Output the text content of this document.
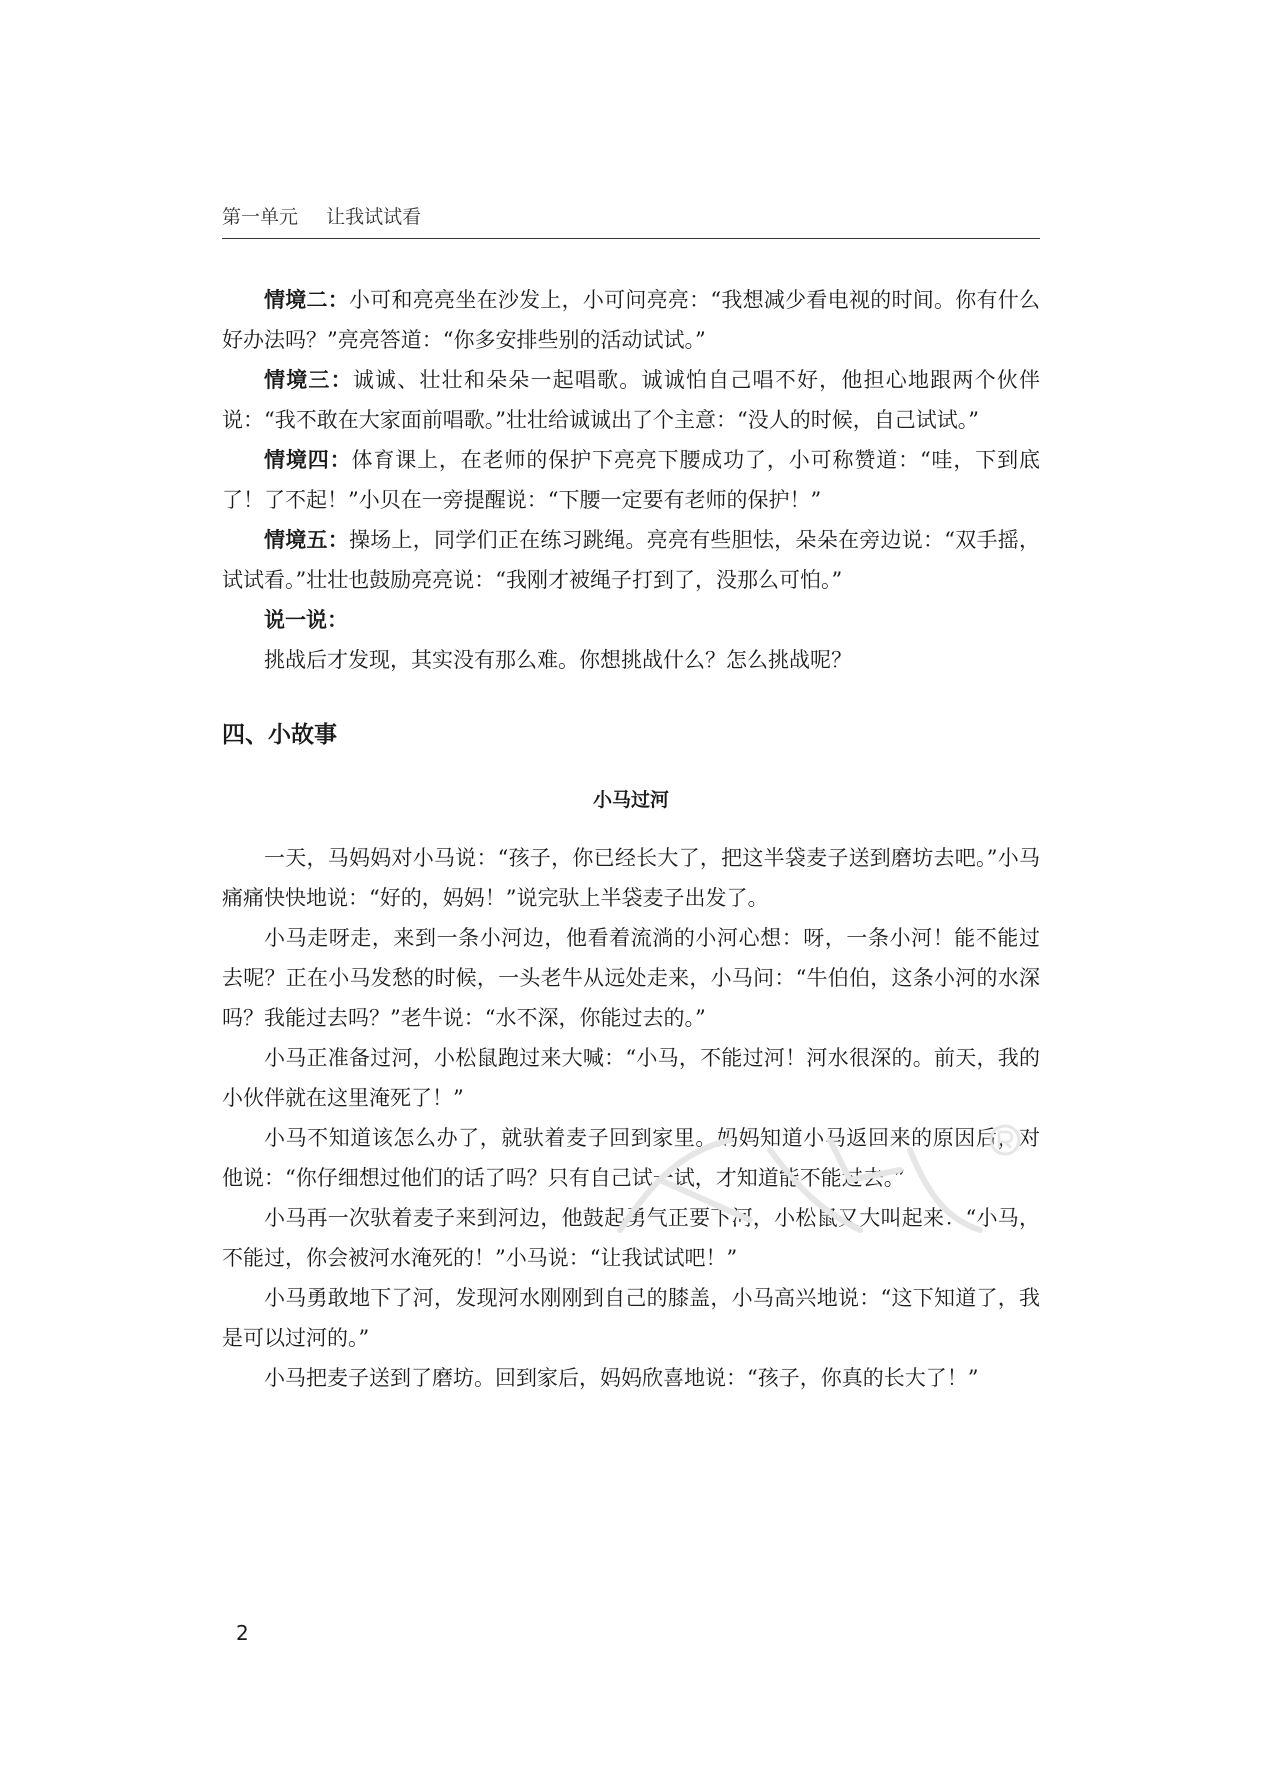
第一单元 让我试试看

情境二：小可和亮亮坐在沙发上，小可问亮亮：“我想减少看电视的时间。你有什么好办法吗？”亮亮答道：“你多安排些别的活动试试。”

情境三：诚诚、壮壮和朵朵一起唱歌。诚诚怕自己唱不好，他担心地跟两个伙伴说：“我不敢在大家面前唱歌。”壮壮给诚诚出了个主意：“没人的时候，自己试试。”

情境四：体育课上，在老师的保护下亮亮下腰成功了，小可称赞道：“哇，下到底了！了不起！”小贝在一旁提醒说：“下腰一定要有老师的保护！”

情境五：操场上，同学们正在练习跳绳。亮亮有些胆怯，朵朵在旁边说：“双手摇，试试看。”壮壮也鼓励亮亮说：“我刚才被绳子打到了，没那么可怕。”

说一说：

挑战后才发现，其实没有那么难。你想挑战什么？怎么挑战呢？

四、小故事
小马过河

一天，马妈妈对小马说：“孩子，你已经长大了，把这半袋麦子送到磨坊去吧。”小马痛痛快快地说：“好的，妈妈！”说完驮上半袋麦子出发了。

小马走呀走，来到一条小河边，他看着流淌的小河心想：呀，一条小河！能不能过去呢？正在小马发愁的时候，一头老牛从远处走来，小马问：“牛伯伯，这条小河的水深吗？我能过去吗？”老牛说：“水不深，你能过去的。”

小马正准备过河，小松鼠跑过来大喊：“小马，不能过河！河水很深的。前天，我的小伙伴就在这里淹死了！”

小马不知道该怎么办了，就驮着麦子回到家里。妈妈知道小马返回来的原因后，对他说：“你仔细想过他们的话了吗？只有自己试一试，才知道能不能过去。”

小马再一次驮着麦子来到河边，他鼓起勇气正要下河，小松鼠又大叫起来：“小马，不能过，你会被河水淹死的！”小马说：“让我试试吧！”

小马勇敢地下了河，发现河水刚刚到自己的膝盖，小马高兴地说：“这下知道了，我是可以过河的。”

小马把麦子送到了磨坊。回到家后，妈妈欣喜地说：“孩子，你真的长大了！”

2
